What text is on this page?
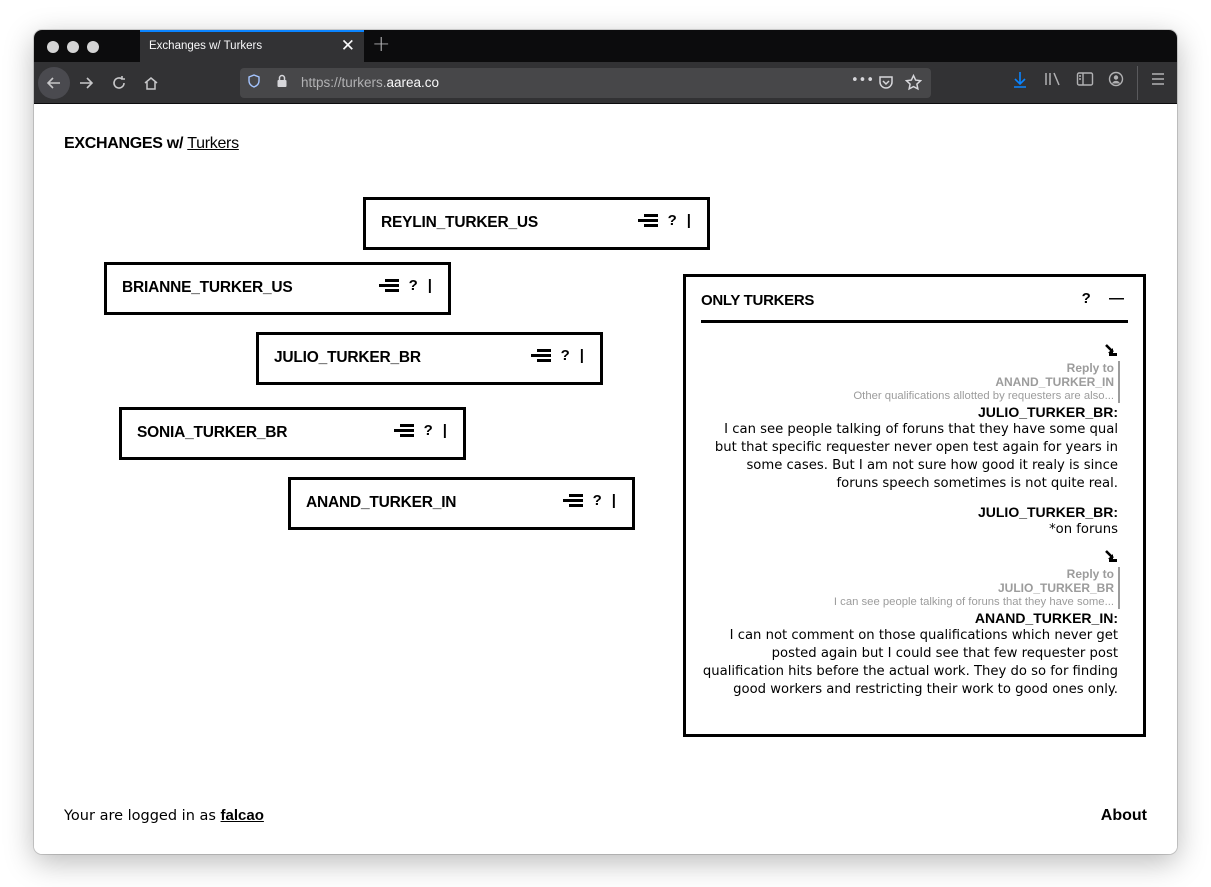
Exchanges w/ Turkers	✕ +
https://turkers.aarea.co	•••
EXCHANGES w/ Turkers
REYLIN_TURKER_US	? |
BRIANNE_TURKER_US	? |
JULIO_TURKER_BR	? |
SONIA_TURKER_BR	? |
ANAND_TURKER_IN	? |
ONLY TURKERS	? —
Reply to
ANAND_TURKER_IN
Other qualifications allotted by requesters are also...
JULIO_TURKER_BR:
I can see people talking of foruns that they have some qual but that specific requester never open test again for years in some cases. But I am not sure how good it realy is since foruns speech sometimes is not quite real.
JULIO_TURKER_BR:
*on foruns
Reply to
JULIO_TURKER_BR
I can see people talking of foruns that they have some...
ANAND_TURKER_IN:
I can not comment on those qualifications which never get posted again but I could see that few requester post qualification hits before the actual work. They do so for finding good workers and restricting their work to good ones only.
Your are logged in as falcao	About
